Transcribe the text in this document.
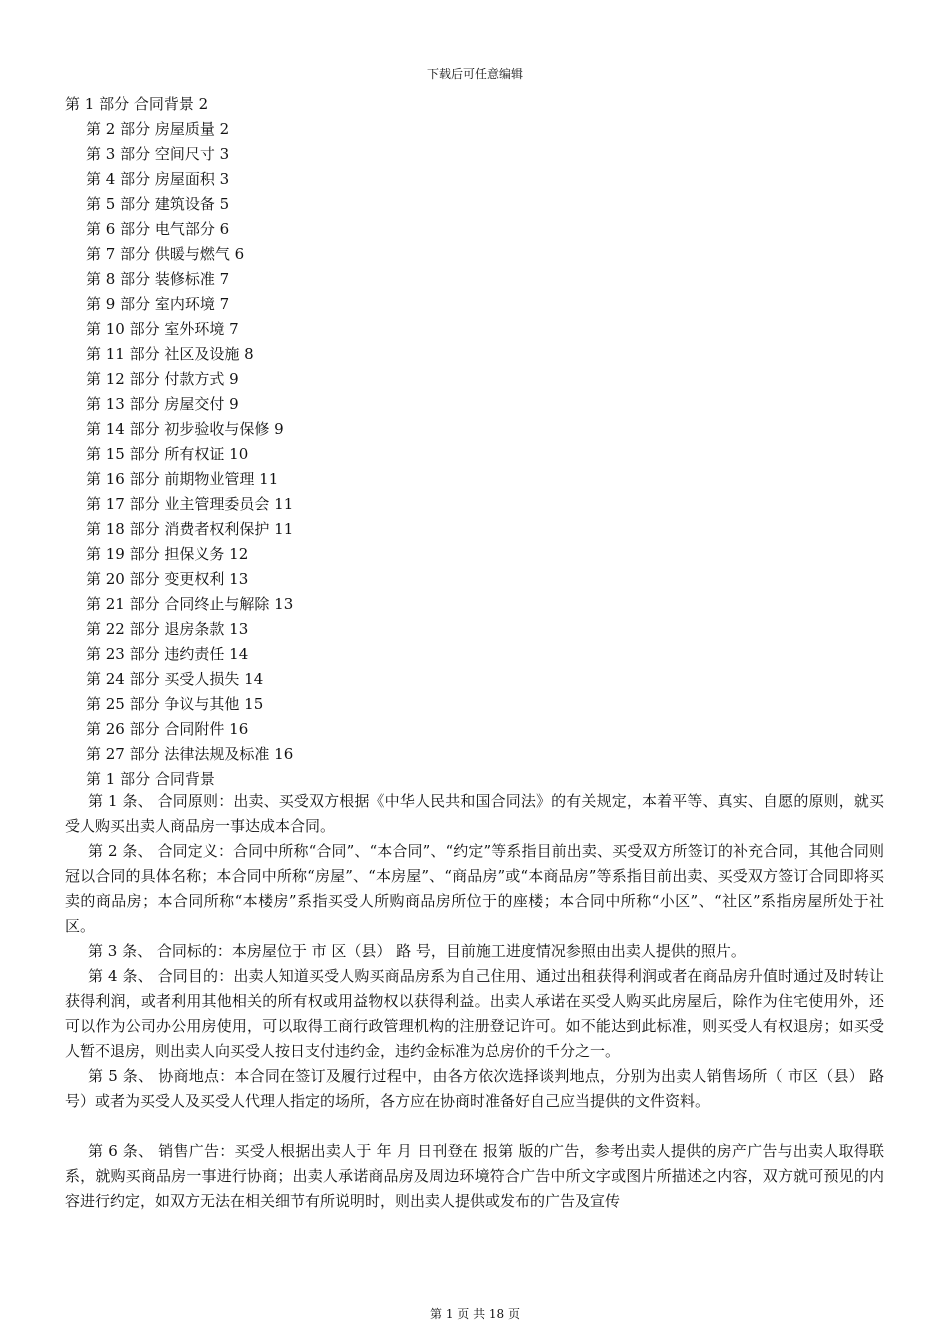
下载后可任意编辑
第 1 部分 合同背景 2
第 2 部分 房屋质量 2
第 3 部分 空间尺寸 3
第 4 部分 房屋面积 3
第 5 部分 建筑设备 5
第 6 部分 电气部分 6
第 7 部分 供暖与燃气 6
第 8 部分 装修标准 7
第 9 部分 室内环境 7
第 10 部分 室外环境 7
第 11 部分 社区及设施 8
第 12 部分 付款方式 9
第 13 部分 房屋交付 9
第 14 部分 初步验收与保修 9
第 15 部分 所有权证 10
第 16 部分 前期物业管理 11
第 17 部分 业主管理委员会 11
第 18 部分 消费者权利保护 11
第 19 部分 担保义务 12
第 20 部分 变更权利 13
第 21 部分 合同终止与解除 13
第 22 部分 退房条款 13
第 23 部分 违约责任 14
第 24 部分 买受人损失 14
第 25 部分 争议与其他 15
第 26 部分 合同附件 16
第 27 部分 法律法规及标准 16
第 1 部分 合同背景

第 1 条、 合同原则：出卖、买受双方根据《中华人民共和国合同法》的有关规定，本着平等、真实、自愿的原则，就买受人购买出卖人商品房一事达成本合同。

第 2 条、 合同定义：合同中所称“合同”、“本合同”、“约定”等系指目前出卖、买受双方所签订的补充合同，其他合同则冠以合同的具体名称；本合同中所称“房屋”、“本房屋”、“商品房”或“本商品房”等系指目前出卖、买受双方签订合同即将买卖的商品房；本合同所称“本楼房”系指买受人所购商品房所位于的座楼；本合同中所称“小区”、“社区”系指房屋所处于社区。

第 3 条、 合同标的：本房屋位于 市 区（县） 路 号，目前施工进度情况参照由出卖人提供的照片。

第 4 条、 合同目的：出卖人知道买受人购买商品房系为自己住用、通过出租获得利润或者在商品房升值时通过及时转让获得利润，或者利用其他相关的所有权或用益物权以获得利益。出卖人承诺在买受人购买此房屋后，除作为住宅使用外，还可以作为公司办公用房使用，可以取得工商行政管理机构的注册登记许可。如不能达到此标准，则买受人有权退房；如买受人暂不退房，则出卖人向买受人按日支付违约金，违约金标准为总房价的千分之一。

第 5 条、 协商地点：本合同在签订及履行过程中，由各方依次选择谈判地点，分别为出卖人销售场所（ 市区（县） 路 号）或者为买受人及买受人代理人指定的场所，各方应在协商时准备好自己应当提供的文件资料。

第 6 条、 销售广告：买受人根据出卖人于 年 月 日刊登在 报第 版的广告，参考出卖人提供的房产广告与出卖人取得联系，就购买商品房一事进行协商；出卖人承诺商品房及周边环境符合广告中所文字或图片所描述之内容，双方就可预见的内容进行约定，如双方无法在相关细节有所说明时，则出卖人提供或发布的广告及宣传

第 1 页 共 18 页
